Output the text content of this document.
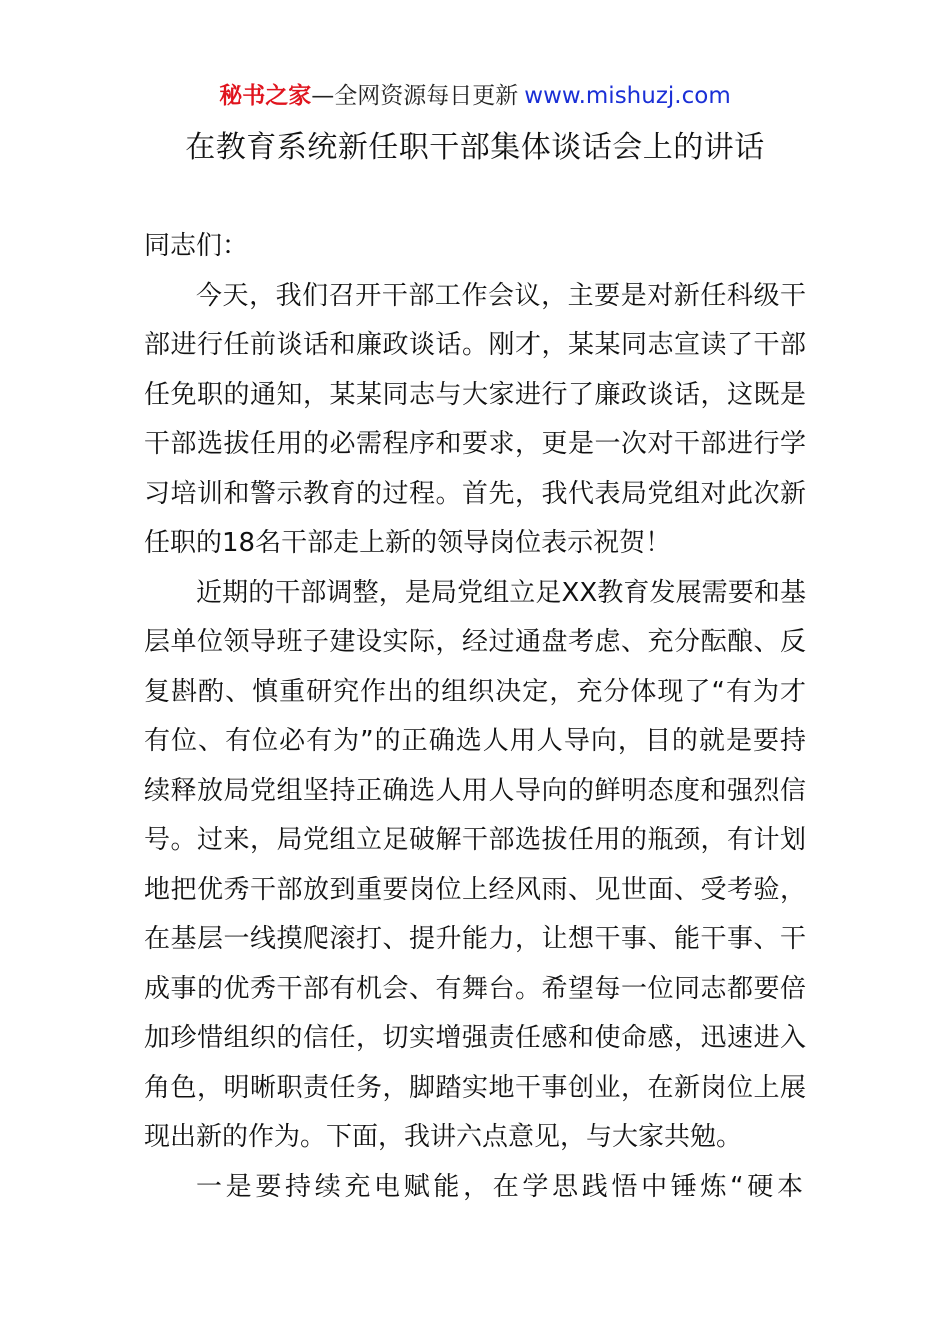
秘书之家—全网资源每日更新 www.mishuzj.com
在教育系统新任职干部集体谈话会上的讲话

同志们：

今天，我们召开干部工作会议，主要是对新任科级干部进行任前谈话和廉政谈话。刚才，某某同志宣读了干部任免职的通知，某某同志与大家进行了廉政谈话，这既是干部选拔任用的必需程序和要求，更是一次对干部进行学习培训和警示教育的过程。首先，我代表局党组对此次新任职的18名干部走上新的领导岗位表示祝贺！

近期的干部调整，是局党组立足XX教育发展需要和基层单位领导班子建设实际，经过通盘考虑、充分酝酿、反复斟酌、慎重研究作出的组织决定，充分体现了“有为才有位、有位必有为”的正确选人用人导向，目的就是要持续释放局党组坚持正确选人用人导向的鲜明态度和强烈信号。过来，局党组立足破解干部选拔任用的瓶颈，有计划地把优秀干部放到重要岗位上经风雨、见世面、受考验，在基层一线摸爬滚打、提升能力，让想干事、能干事、干成事的优秀干部有机会、有舞台。希望每一位同志都要倍加珍惜组织的信任，切实增强责任感和使命感，迅速进入角色，明晰职责任务，脚踏实地干事创业，在新岗位上展现出新的作为。下面，我讲六点意见，与大家共勉。

一是要持续充电赋能，在学思践悟中锤炼“硬本
